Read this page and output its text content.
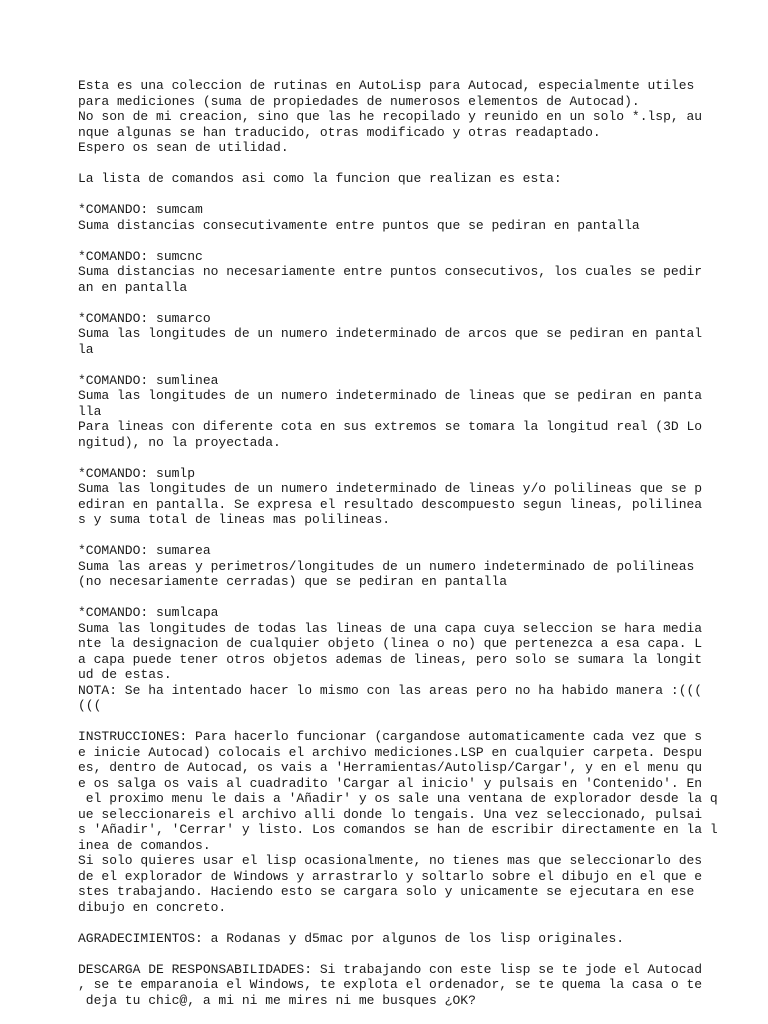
Esta es una coleccion de rutinas en AutoLisp para Autocad, especialmente utiles
para mediciones (suma de propiedades de numerosos elementos de Autocad).
No son de mi creacion, sino que las he recopilado y reunido en un solo *.lsp, au
nque algunas se han traducido, otras modificado y otras readaptado.
Espero os sean de utilidad.
La lista de comandos asi como la funcion que realizan es esta:
*COMANDO: sumcam
Suma distancias consecutivamente entre puntos que se pediran en pantalla
*COMANDO: sumcnc
Suma distancias no necesariamente entre puntos consecutivos, los cuales se pedir
an en pantalla
*COMANDO: sumarco
Suma las longitudes de un numero indeterminado de arcos que se pediran en pantal
la
*COMANDO: sumlinea
Suma las longitudes de un numero indeterminado de lineas que se pediran en panta
lla
Para lineas con diferente cota en sus extremos se tomara la longitud real (3D Lo
ngitud), no la proyectada.
*COMANDO: sumlp
Suma las longitudes de un numero indeterminado de lineas y/o polilineas que se p
ediran en pantalla. Se expresa el resultado descompuesto segun lineas, polilinea
s y suma total de lineas mas polilineas.
*COMANDO: sumarea
Suma las areas y perimetros/longitudes de un numero indeterminado de polilineas
(no necesariamente cerradas) que se pediran en pantalla
*COMANDO: sumlcapa
Suma las longitudes de todas las lineas de una capa cuya seleccion se hara media
nte la designacion de cualquier objeto (linea o no) que pertenezca a esa capa. L
a capa puede tener otros objetos ademas de lineas, pero solo se sumara la longit
ud de estas.
NOTA: Se ha intentado hacer lo mismo con las areas pero no ha habido manera :(((
(((
INSTRUCCIONES: Para hacerlo funcionar (cargandose automaticamente cada vez que s
e inicie Autocad) colocais el archivo mediciones.LSP en cualquier carpeta. Despu
es, dentro de Autocad, os vais a 'Herramientas/Autolisp/Cargar', y en el menu qu
e os salga os vais al cuadradito 'Cargar al inicio' y pulsais en 'Contenido'. En
el proximo menu le dais a 'Añadir' y os sale una ventana de explorador desde la q
ue seleccionareis el archivo alli donde lo tengais. Una vez seleccionado, pulsai
s 'Añadir', 'Cerrar' y listo. Los comandos se han de escribir directamente en la l
inea de comandos.
Si solo quieres usar el lisp ocasionalmente, no tienes mas que seleccionarlo des
de el explorador de Windows y arrastrarlo y soltarlo sobre el dibujo en el que e
stes trabajando. Haciendo esto se cargara solo y unicamente se ejecutara en ese
dibujo en concreto.
AGRADECIMIENTOS: a Rodanas y d5mac por algunos de los lisp originales.
DESCARGA DE RESPONSABILIDADES: Si trabajando con este lisp se te jode el Autocad
, se te emparanoia el Windows, te explota el ordenador, se te quema la casa o te
deja tu chic@, a mi ni me mires ni me busques ¿OK?
